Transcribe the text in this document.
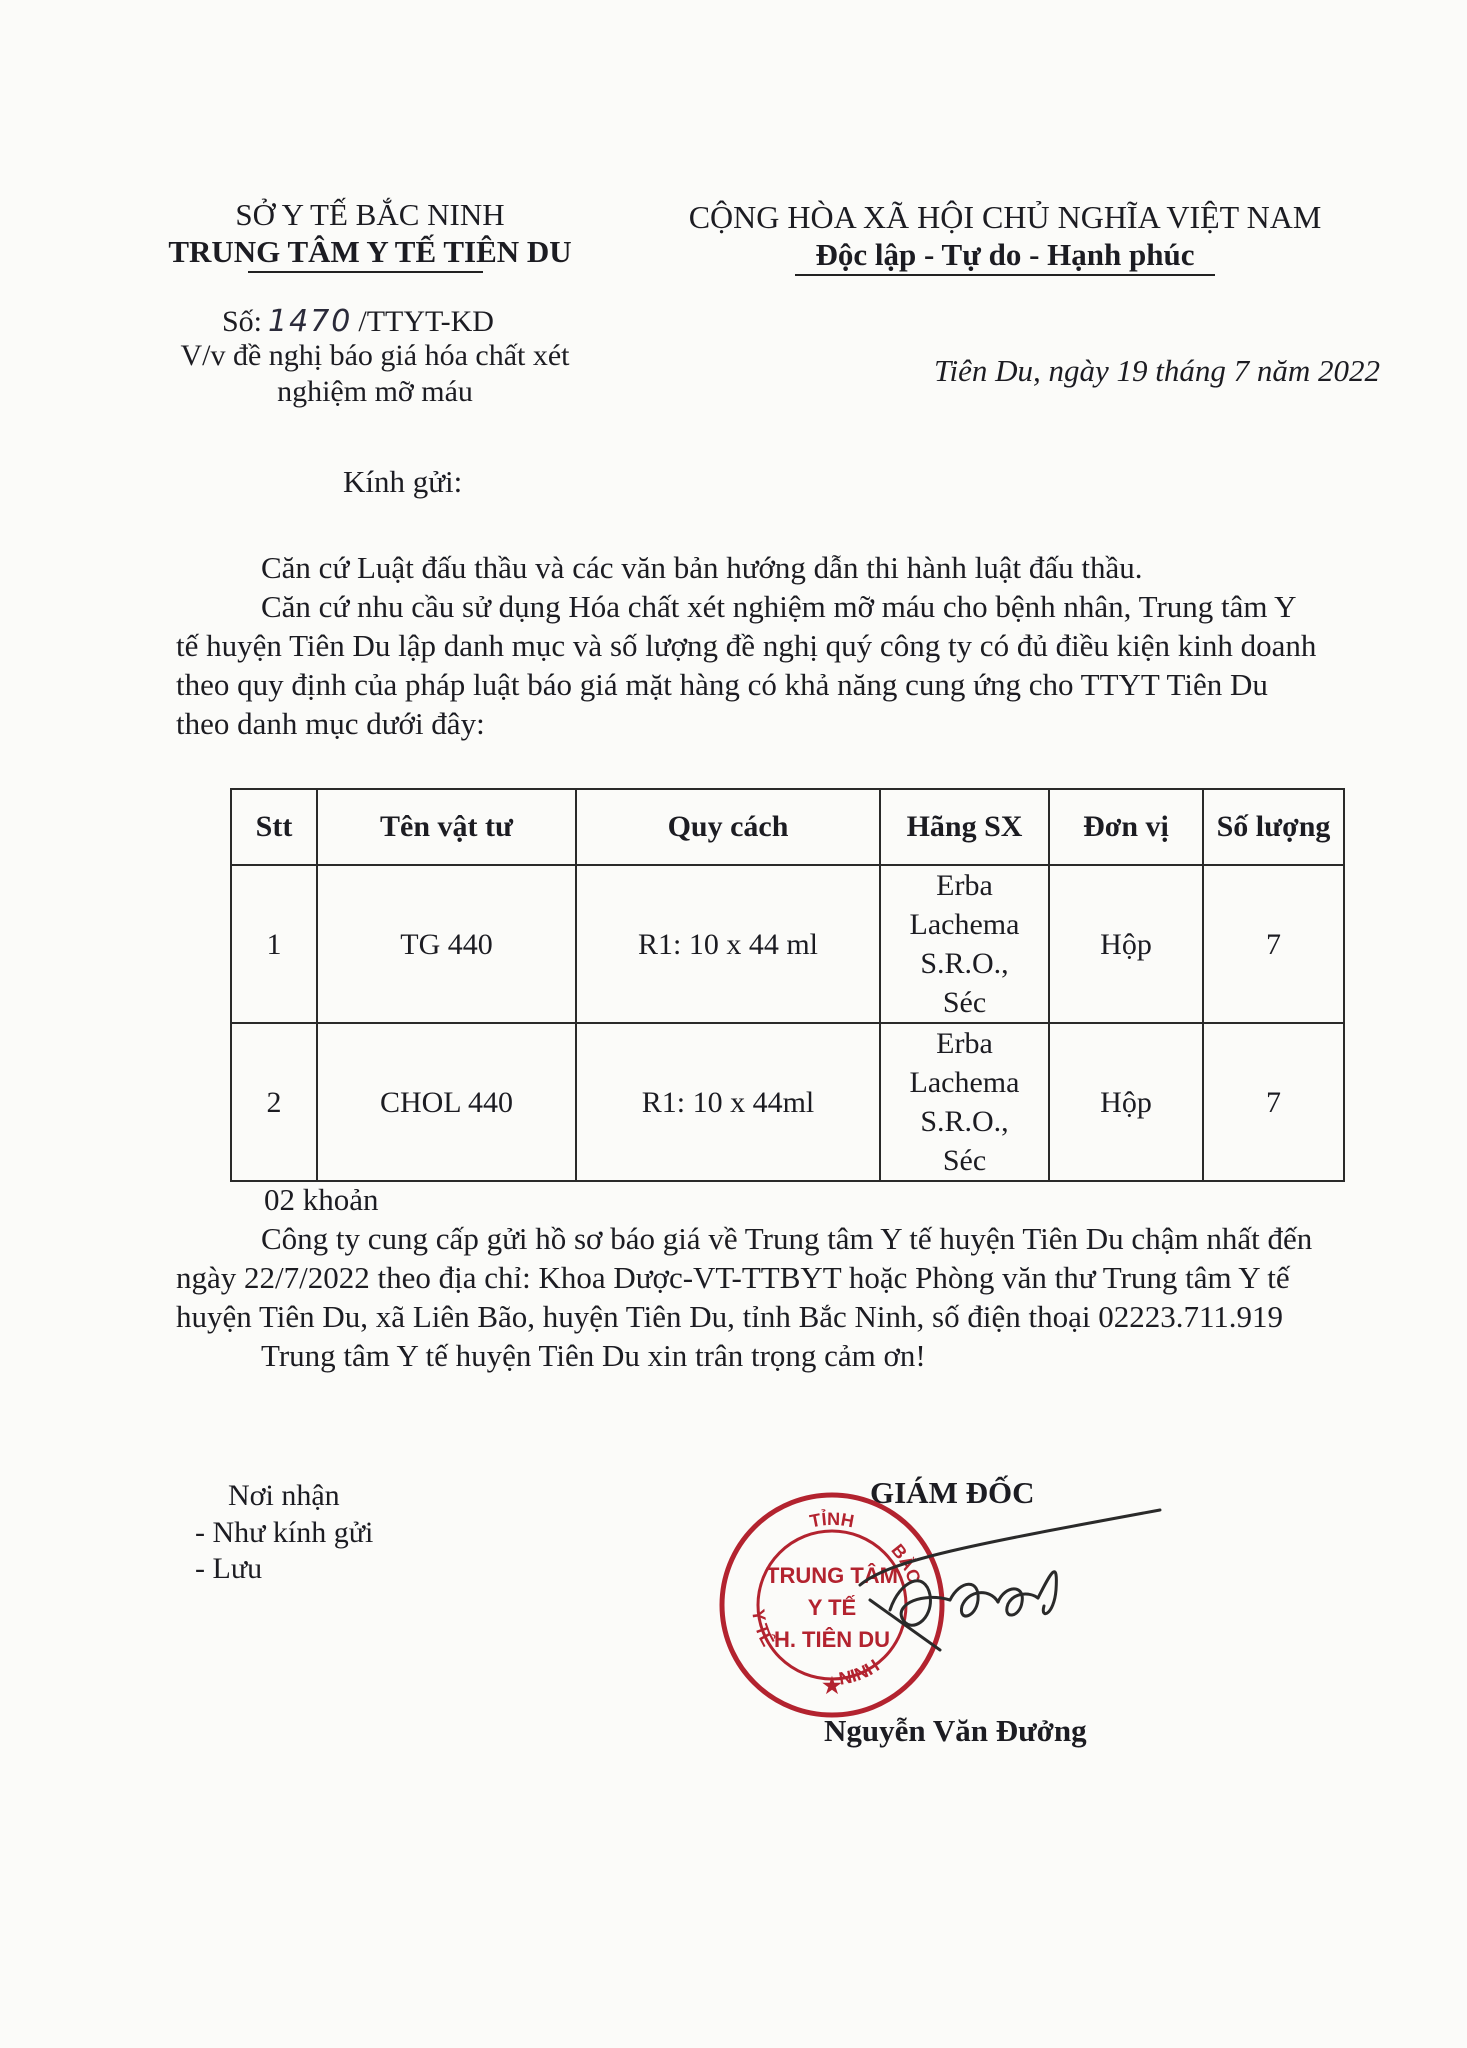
SỞ Y TẾ BẮC NINH
TRUNG TÂM Y TẾ TIÊN DU
CỘNG HÒA XÃ HỘI CHỦ NGHĨA VIỆT NAM
Độc lập - Tự do - Hạnh phúc
Số: 1470 /TTYT-KD
V/v đề nghị báo giá hóa chất xét
nghiệm mỡ máu
Tiên Du, ngày 19 tháng 7 năm 2022
Kính gửi:
Căn cứ Luật đấu thầu và các văn bản hướng dẫn thi hành luật đấu thầu.
Căn cứ nhu cầu sử dụng Hóa chất xét nghiệm mỡ máu cho bệnh nhân, Trung tâm Y tế huyện Tiên Du lập danh mục và số lượng đề nghị quý công ty có đủ điều kiện kinh doanh theo quy định của pháp luật báo giá mặt hàng có khả năng cung ứng cho TTYT Tiên Du theo danh mục dưới đây:
Stt	Tên vật tư	Quy cách	Hãng SX	Đơn vị	Số lượng
1	TG 440	R1: 10 x 44 ml	Erba
Lachema
S.R.O.,
Séc	Hộp	7
2	CHOL 440	R1: 10 x 44ml	Erba
Lachema
S.R.O.,
Séc	Hộp	7
02 khoản
Công ty cung cấp gửi hồ sơ báo giá về Trung tâm Y tế huyện Tiên Du chậm nhất đến ngày 22/7/2022 theo địa chỉ: Khoa Dược-VT-TTBYT hoặc Phòng văn thư Trung tâm Y tế huyện Tiên Du, xã Liên Bão, huyện Tiên Du, tỉnh Bắc Ninh, số điện thoại 02223.711.919
Trung tâm Y tế huyện Tiên Du xin trân trọng cảm ơn!
Nơi nhận
- Như kính gửi
- Lưu
GIÁM ĐỐC
TỈNH
BẮC
NINH
Y TẾ
TRUNG TÂM
Y TẾ
H. TIÊN DU
★
Nguyễn Văn Đưởng
